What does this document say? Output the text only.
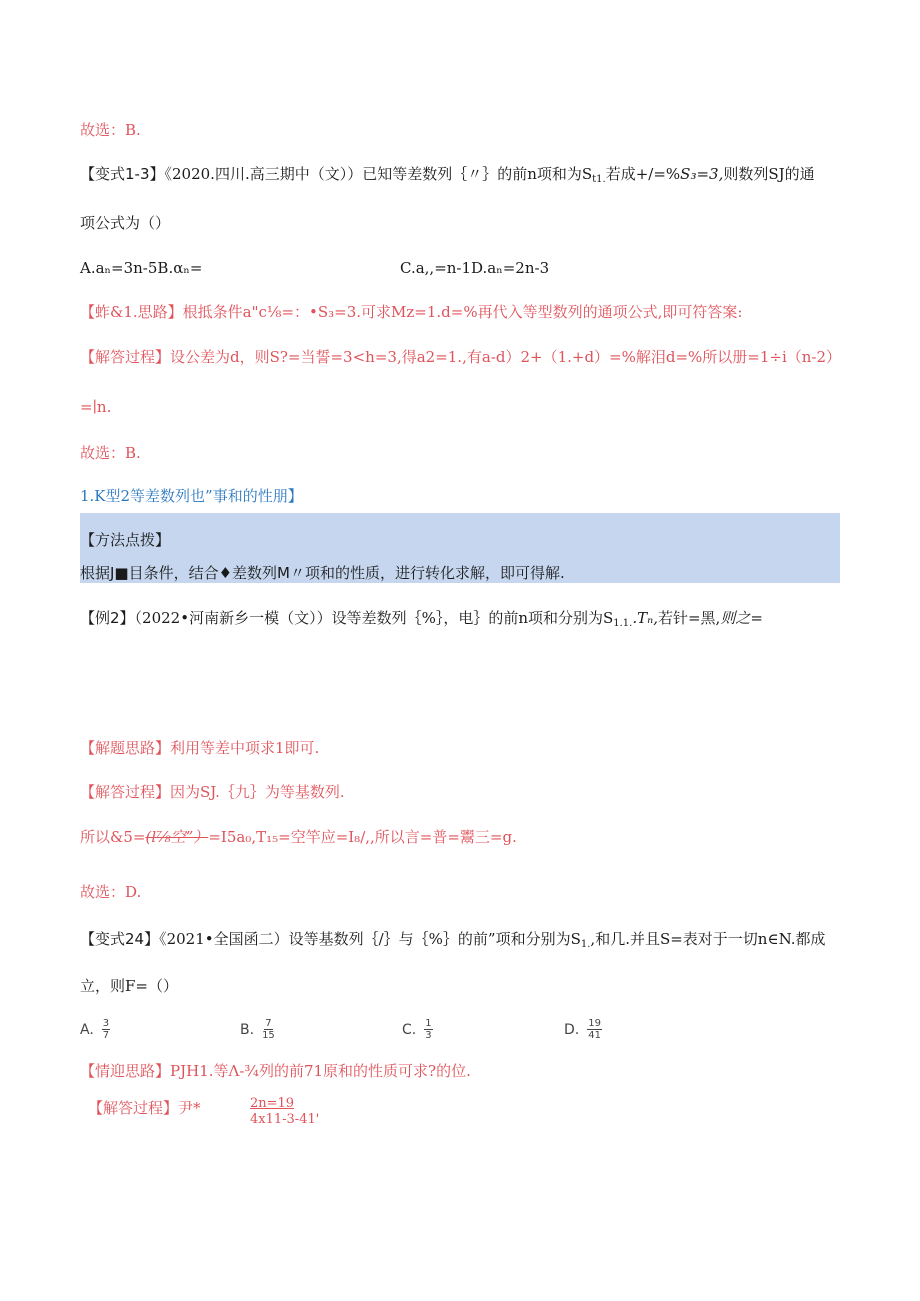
故选：B.
【变式1-3】《2020.四川.高三期中（文））已知等差数列｛〃｝的前n项和为$S_{t1.}$若成+/=%S₃=3,则数列SJ的通
项公式为（）
A.aₙ=3n-5B.αₙ=	C.a,,=n-1D.aₙ=2n-3
【蚱&1.思路】根抵条件a"c⅛=：•S₃=3.可求Mz=1.d=%再代入等型数列的通项公式,即可符答案:
【解答过程】设公差为d，则S?=当誓=3<h=3,得a2=1.,有a-d）2+（1.+d）=%解泪d=%所以册=1÷i（n-2）
=∣n.
故选：B.
1.K型2等差数列也”事和的性朋】
【方法点拨】
根据J■目条件，结合♦差数列M〃项和的性质，进行转化求解，即可得解.
【例2】（2022•河南新乡一模（文））设等差数列｛%｝，电｝的前n项和分别为$S_{1.1.}.T_n$,若针=黑,则之=
【解题思路】利用等差中项求1即可.
【解答过程】因为SJ.｛九｝为等基数列.
所以&5=(l⅞空”）=I5a₀,T₁₅=空竿应=I₈∕,,所以言=普=鬻三=g.
故选：D.
【变式24】《2021•全国函二）设等基数列｛/｝与｛%｝的前”项和分别为$S_{1.}$,和几.并且S=表对于一切n∈N.都成
立，则F=（）
A. $\frac{3}{7}$	B. $\frac{7}{15}$	C. $\frac{1}{3}$	D. $\frac{19}{41}$
【情迎思路】PJH1.等Λ-¾列的前71原和的性质可求?的位.
【解答过程】尹*	2n=19
4x11-3-41'
